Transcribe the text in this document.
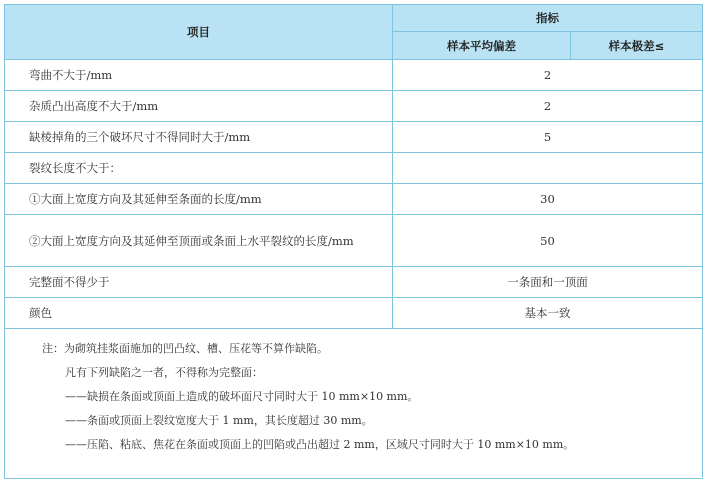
项目	指标	
	样本平均偏差	样本极差≤
弯曲不大于/mm	2	
杂质凸出高度不大于/mm	2	
缺棱掉角的三个破坏尺寸不得同时大于/mm	5	
裂纹长度不大于：		
①大面上宽度方向及其延伸至条面的长度/mm	30	
②大面上宽度方向及其延伸至顶面或条面上水平裂纹的长度/mm	50	
完整面不得少于	一条面和一顶面	
颜色	基本一致	

注：为砌筑挂浆面施加的凹凸纹、槽、压花等不算作缺陷。
凡有下列缺陷之一者，不得称为完整面：
——缺损在条面或顶面上造成的破坏面尺寸同时大于 10 mm×10 mm。
——条面或顶面上裂纹宽度大于 1 mm，其长度超过 30 mm。
——压陷、粘底、焦花在条面或顶面上的凹陷或凸出超过 2 mm，区域尺寸同时大于 10 mm×10 mm。		
